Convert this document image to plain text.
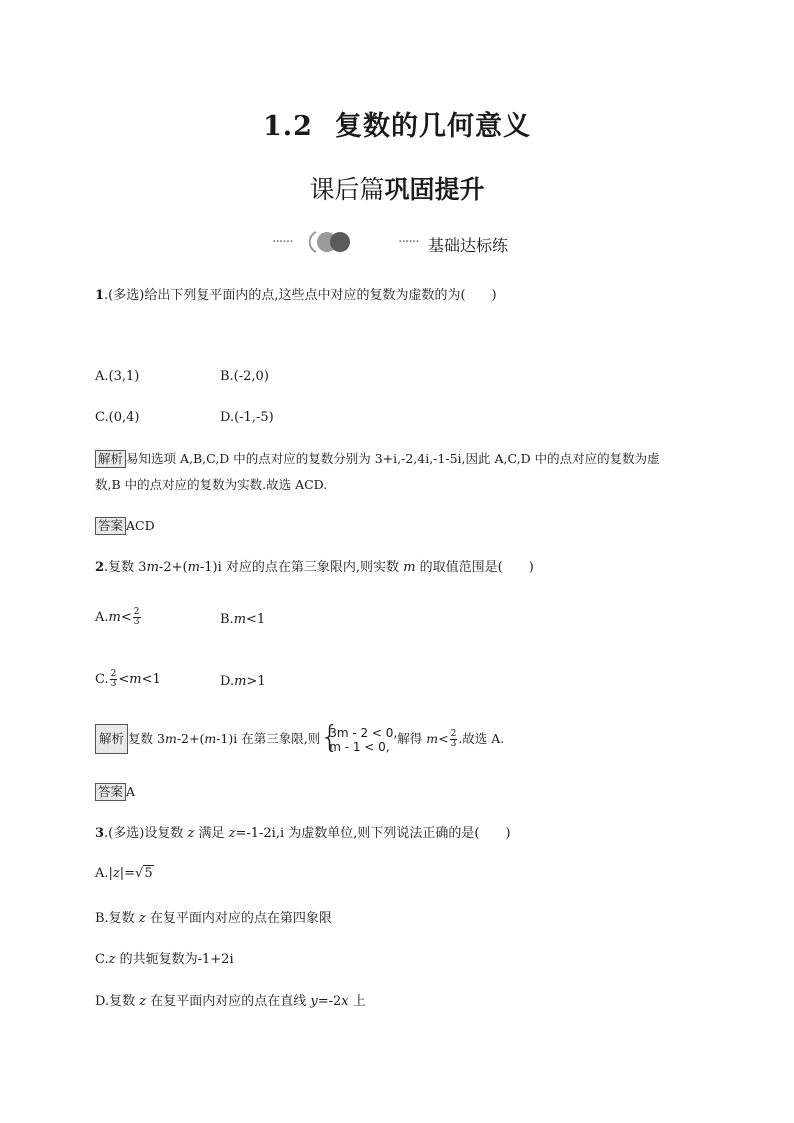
1.2 复数的几何意义
课后篇巩固提升
······	······ 基础达标练
1.(多选)给出下列复平面内的点,这些点中对应的复数为虚数的为(　　)
A.(3,1)	B.(-2,0)
C.(0,4)	D.(-1,-5)
解析 易知选项 A,B,C,D 中的点对应的复数分别为 3+i,-2,4i,-1-5i,因此 A,C,D 中的点对应的复数为虚
数,B 中的点对应的复数为实数.故选 ACD.
答案 ACD
2.复数 3m-2+(m-1)i 对应的点在第三象限内,则实数 m 的取值范围是(　　)
$A.m< \frac{2}{3}$	B.m<1
C. $\frac{2}{3} <m<1$	D.m>1
解析 复数 3m-2+(m-1)i 在第三象限,则 {
3m - 2 < 0,
m - 1 < 0,
解得 $m< \frac{2}{3}$ .故选 A.
答案 A
3.(多选)设复数 z 满足 z=-1-2i,i 为虚数单位,则下列说法正确的是(　　)
A.|z|=√5
B.复数 z 在复平面内对应的点在第四象限
C.z 的共轭复数为-1+2i
D.复数 z 在复平面内对应的点在直线 y=-2x 上
